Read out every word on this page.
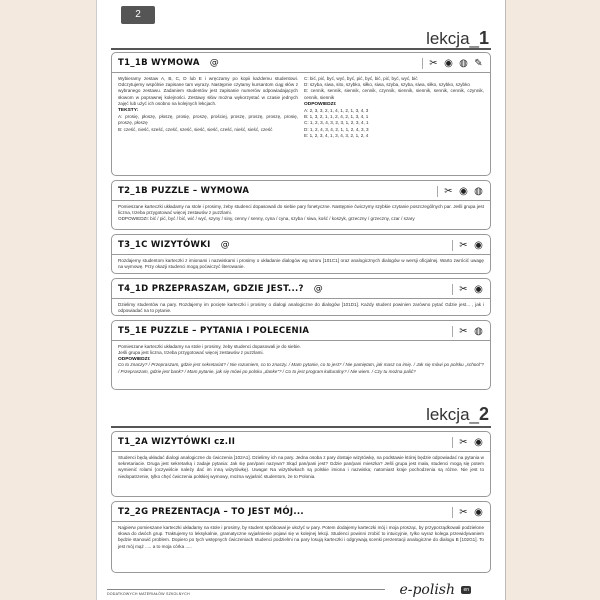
2
lekcja_1
T1_1B WYMOWA @	✂ ◉ ◍ ✎
Wybieramy zestaw A, B, C, D lub E i wręczamy po kopii każdemu studentowi. Odczytujemy wspólnie zapisane tam wyrazy. Następnie czytamy kursantom ciąg słów z wybranego zestawu. Zadaniem studentów jest zapisanie numerów odpowiadających słowom w poprawnej kolejności. Zestawy słów można wykorzystać w czasie jednych zajęć lub użyć ich osobno na kolejnych lekcjach.
TEKSTY:
A: prosię, płoszę, płoszę, prosię, proszę, prościej, proszę, proszę, proszę, prosię, proszę, płoszę
B: cześć, nieść, sześć, cześć, sześć, sieść, sieść, cześć, nieść, sieść, cześć
C: bić, pić, być, wyć, być, pić, być, bić, pić, być, wyć, bić
D: szyba, siwa, sito, szybko, siłko, siwa, szyba, szyba, siwa, siłko, szybko, szybko
E: cennik, sennik, siennik, cennik, czynnik, siennik, siennik, sennik, cennik, czynnik, cennik, siennik
ODPOWIEDZI:
A: 2, 3, 3, 2, 1, 4, 1, 2, 1, 3, 4, 3
B: 1, 3, 2, 1, 1, 2, 4, 2, 1, 3, 4, 1
C: 1, 2, 3, 4, 3, 2, 3, 1, 2, 3, 4, 1
D: 1, 2, 4, 3, 4, 2, 1, 1, 2, 4, 3, 3
E: 1, 2, 3, 4, 1, 3, 4, 3, 2, 1, 2, 4
T2_1B PUZZLE – WYMOWA	✂ ◉ ◍
Pomieszane karteczki układamy na stole i prosimy, żeby studenci dopasowali do siebie pary fonetyczne. Następnie ćwiczymy szybkie czytanie poszczególnych par. Jeśli grupa jest liczna, trzeba przygotować więcej zestawów z puzzlami.
ODPOWIEDZI: bić / pić, być / bić, wić / wyć, szyny / siny, cenny / senny, cyna / cyna, szyba / siwa, kość / koszyk, grzeczny / grzeczny, czar / szary
T3_1C WIZYTÓWKI @	✂ ◉
Rozdajemy studentom karteczki z imionami i nazwiskami i prosimy o układanie dialogów wg wzoru [101C1] oraz analogicznych dialogów w wersji oficjalnej. Warto zwrócić uwagę na wymowę. Przy okazji studenci mogą poćwiczyć literowanie.
T4_1D PRZEPRASZAM, GDZIE JEST...? @	✂ ◉
Dzielimy studentów na pary. Rozdajemy im pocięte karteczki i prosimy o dialogi analogiczne do dialogów [101D1]. Każdy student powinien zarówno pytać Gdzie jest... , jak i odpowiadać na to pytanie.
T5_1E PUZZLE – PYTANIA I POLECENIA	✂ ◍
Pomieszane karteczki układamy na stole i prosimy, żeby studenci dopasowali je do siebie.
Jeśli grupa jest liczna, trzeba przygotować więcej zestawów z puzzlami.
ODPOWIEDZI:
Co to znaczy? / Przepraszam, gdzie jest sekretariat? / Nie rozumiem, co to znaczy. / Mam pytanie, co to jest? / Nie pamiętam, jak masz na imię. / Jak się mówi po polsku „school”? / Przepraszam, gdzie jest bank? / Mam pytanie, jak się mówi po polsku „danke”? / Co to jest program kulturalny? / Nie wiem. / Czy tu można palić?
lekcja_2
T1_2A WIZYTÓWKI cz.II	✂ ◉
Studenci będą układać dialogi analogiczne do ćwiczenia [102A1]. Dzielimy ich na pary. Jedna osoba z pary dostaje wizytówkę, na podstawie której będzie odpowiadać na pytania w sekretariacie. Druga jest sekretarką i zadaje pytania: Jak się pan/pani nazywa? Skąd pan/pani jest? Gdzie pan/pani mieszka? Jeśli grupa jest mała, studenci mogą się potem wymienić rolami (oczywiście należy dać im inną wizytówkę). Uwaga! Na wizytówkach są polskie imiona i nazwiska; natomiast kraje pochodzenia są różne. Nie jest to niedopatrzenie, tylko chęć ćwiczenia polskiej wymowy, można wyjaśnić studentom, że to Polonia.
T2_2G PREZENTACJA – TO JEST MÓJ...	✂ ◉
Najpierw pomieszane karteczki układamy na stole i prosimy, by student spróbował je ułożyć w pary. Potem dodajemy karteczki mój i moja prosząc, by przyporządkowali podzielone słowa do dwóch grup. Traktujemy to leksykalnie, gramatyczne wyjaśnienie pojawi się w kolejnej lekcji. Studenci powinni zrobić to intuicyjnie, tylko wyraz kolega przewidywaniem będzie stanowić problem. Dopiero po tych wstępnych ćwiczeniach studenci podzielmi na pary losują karteczki i odgrywają scenki prezentacji analogiczne do dialogu B [102G1]. To jest mój mąż ..... a to moja córka .....
DODATKOWYCH MATERIAŁÓW SZKOLNYCH	e-polish	en
